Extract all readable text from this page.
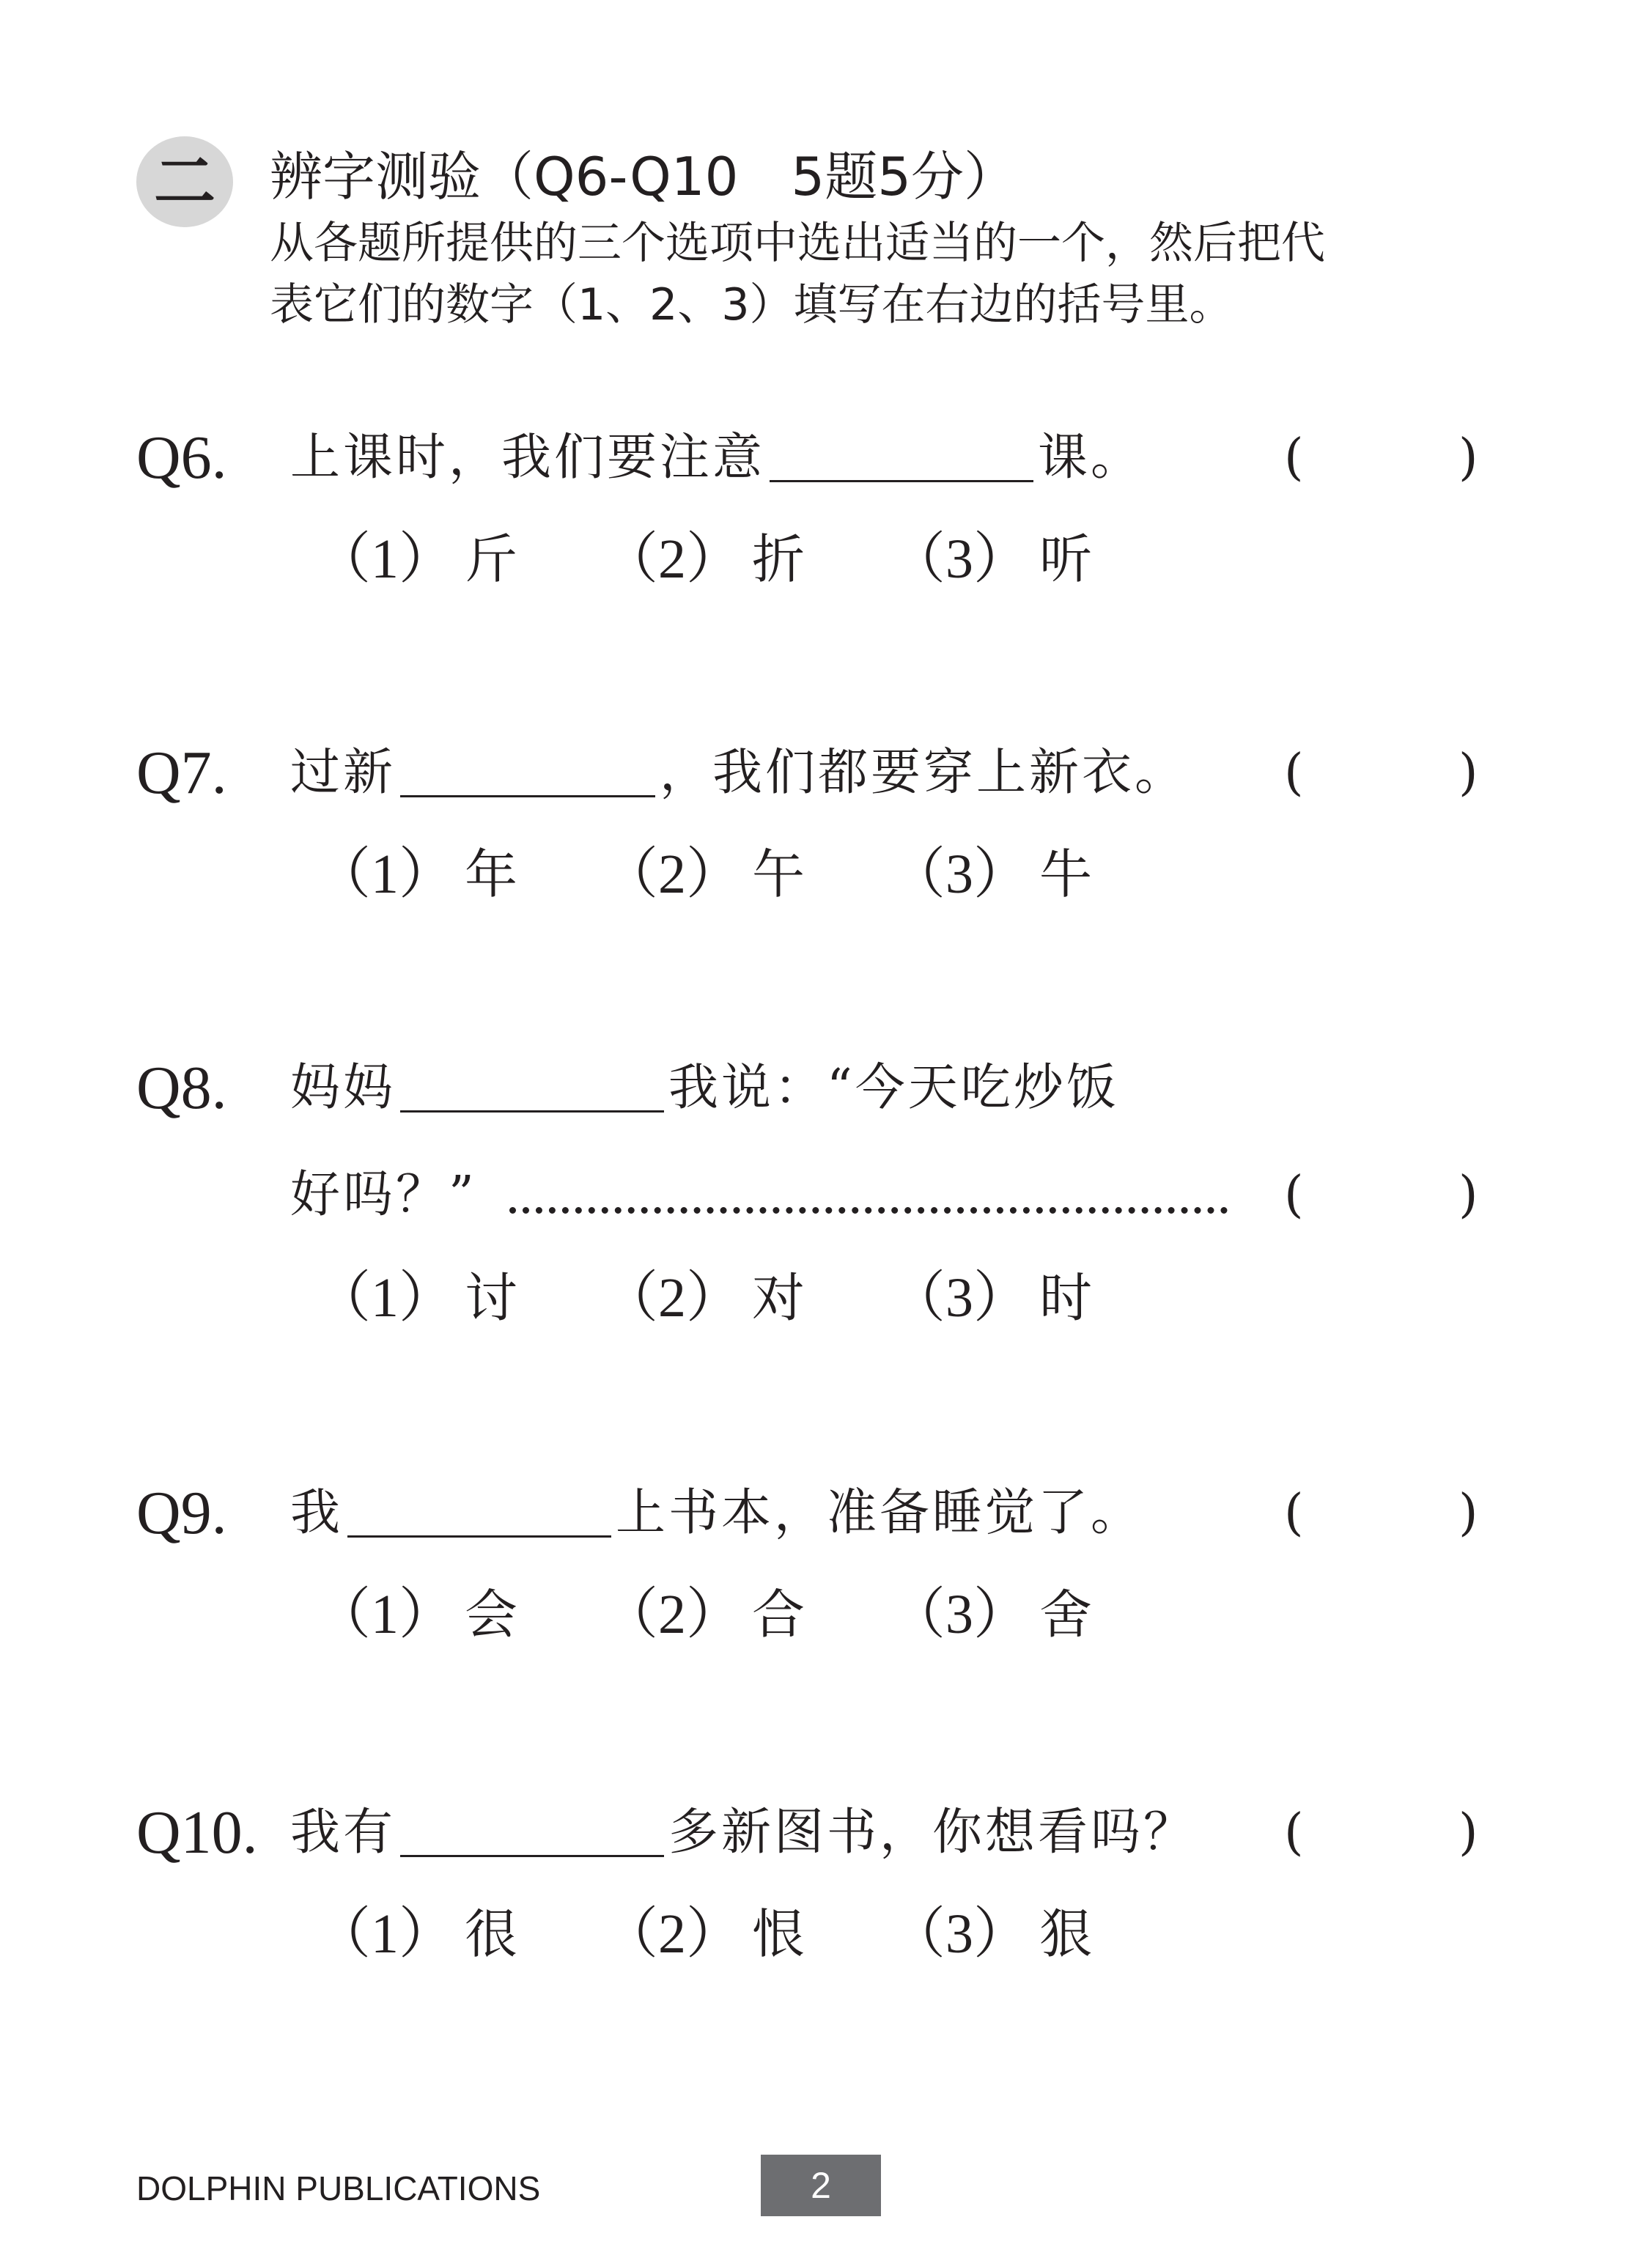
二	辨字测验（Q6-Q10　5题5分）
从各题所提供的三个选项中选出适当的一个，然后把代
表它们的数字（1、2、3）填写在右边的括号里。
Q6.	上课时，我们要注意	课。	(	)
（1） 斤 （2） 折 （3） 听
Q7.	过新	，我们都要穿上新衣。 (	)
（1） 年 （2） 午 （3） 牛
Q8.	妈妈	我说：“今天吃炒饭
好吗？”	(	)
（1） 讨 （2） 对 （3） 时
Q9.	我	上书本，准备睡觉了。	(	)
（1） 会 （2） 合 （3） 舍
Q10. 我有	多新图书，你想看吗？ (	)
（1） 很 （2） 恨 （3） 狠
DOLPHIN PUBLICATIONS	2
